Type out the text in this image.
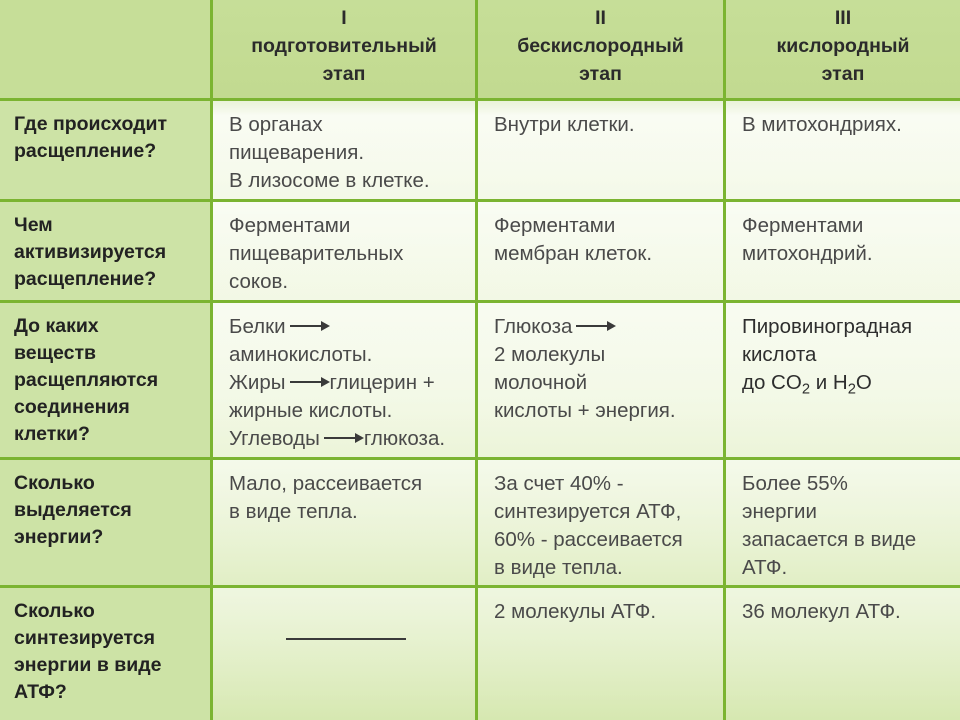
I
подготовительный
этап
II
бескислородный
этап
III
кислородный
этап
Где происходит
расщепление?
В органах
пищеварения.
В лизосоме в клетке.
Внутри клетки.	В митохондриях.
Чем
активизируется
расщепление?
Ферментами
пищеварительных
соков.
Ферментами
мембран клеток.
Ферментами
митохондрий.
До каких
веществ
расщепляются
соединения
клетки?
Белки
аминокислоты.
Жиры глицерин +
жирные кислоты.
Углеводы глюкоза.
Глюкоза
2 молекулы
молочной
кислоты + энергия.
Пировиноградная
кислота
до $CO_2$ и $H_2O$
Сколько
выделяется
энергии?
Мало, рассеивается
в виде тепла.
За счет 40% -
синтезируется АТФ,
60% - рассеивается
в виде тепла.
Более 55%
энергии
запасается в виде
АТФ.
Сколько
синтезируется
энергии в виде
АТФ?
2 молекулы АТФ.	36 молекул АТФ.
